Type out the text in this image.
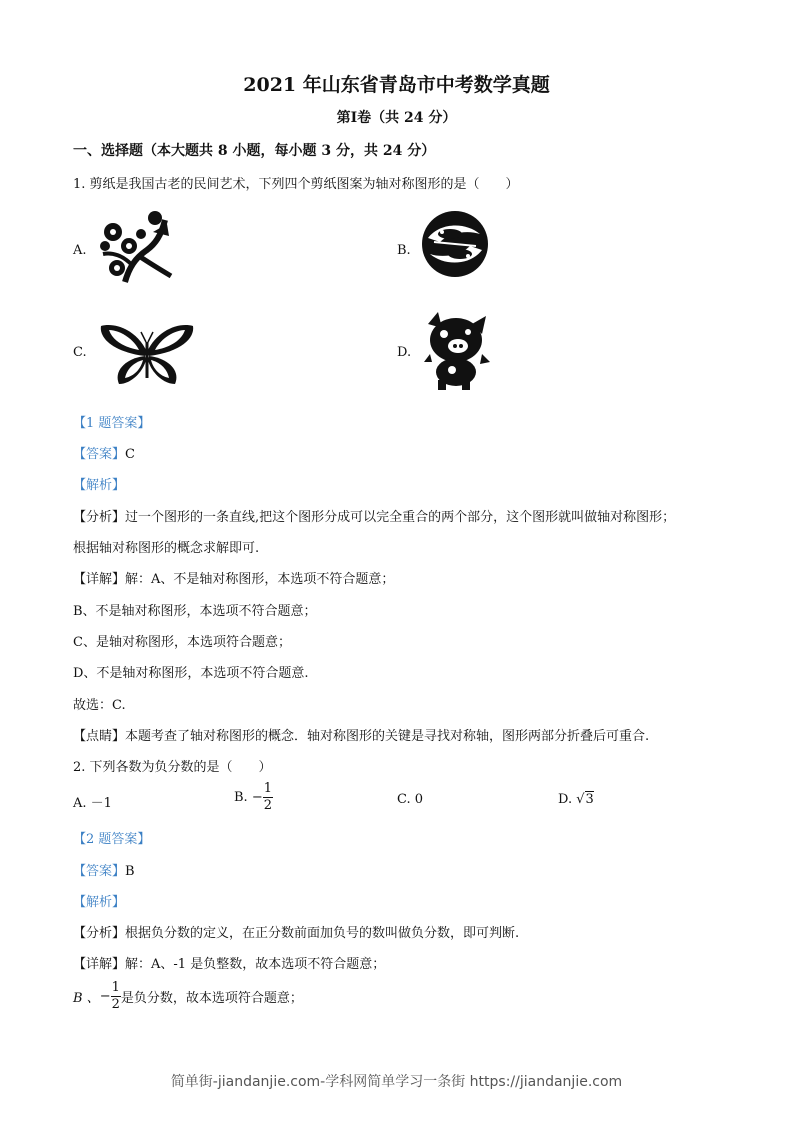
2021 年山东省青岛市中考数学真题
第Ⅰ卷（共 24 分）
一、选择题（本大题共 8 小题，每小题 3 分，共 24 分）
1. 剪纸是我国古老的民间艺术，下列四个剪纸图案为轴对称图形的是（　　）
A.	B.
C.	D.
【1 题答案】
【答案】C
【解析】
【分析】过一个图形的一条直线,把这个图形分成可以完全重合的两个部分，这个图形就叫做轴对称图形；
根据轴对称图形的概念求解即可.
【详解】解：A、不是轴对称图形，本选项不符合题意；
B、不是轴对称图形，本选项不符合题意；
C、是轴对称图形，本选项符合题意；
D、不是轴对称图形，本选项不符合题意.
故选：C.
【点睛】本题考查了轴对称图形的概念．轴对称图形的关键是寻找对称轴，图形两部分折叠后可重合.
2. 下列各数为负分数的是（　　）
A. －1	B. − $\frac{1}{2}$	C. 0	D. √3
【2 题答案】
【答案】B
【解析】
【分析】根据负分数的定义，在正分数前面加负号的数叫做负分数，即可判断.
【详解】解：A、-1 是负整数，故本选项不符合题意；
B 、− $\frac{1}{2}$ 是负分数，故本选项符合题意；
简单街-jiandanjie.com-学科网简单学习一条街 https://jiandanjie.com
